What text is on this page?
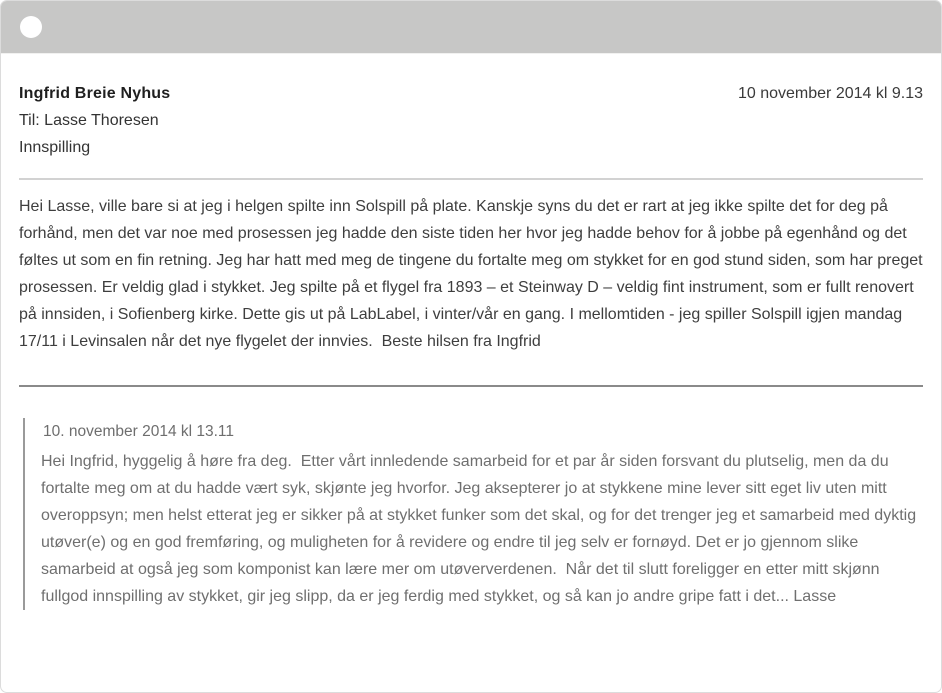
Ingfrid Breie Nyhus	10 november 2014 kl 9.13
Til: Lasse Thoresen
Innspilling

Hei Lasse, ville bare si at jeg i helgen spilte inn Solspill på plate. Kanskje syns du det er rart at jeg ikke spilte det for deg på forhånd, men det var noe med prosessen jeg hadde den siste tiden her hvor jeg hadde behov for å jobbe på egenhånd og det føltes ut som en fin retning. Jeg har hatt med meg de tingene du fortalte meg om stykket for en god stund siden, som har preget prosessen. Er veldig glad i stykket. Jeg spilte på et flygel fra 1893 – et Steinway D – veldig fint instrument, som er fullt renovert på innsiden, i Sofienberg kirke. Dette gis ut på LabLabel, i vinter/vår en gang. I mellomtiden - jeg spiller Solspill igjen mandag 17/11 i Levinsalen når det nye flygelet der innvies.  Beste hilsen fra Ingfrid

10. november 2014 kl 13.11

Hei Ingfrid, hyggelig å høre fra deg.  Etter vårt innledende samarbeid for et par år siden forsvant du plutselig, men da du fortalte meg om at du hadde vært syk, skjønte jeg hvorfor. Jeg aksepterer jo at stykkene mine lever sitt eget liv uten mitt overoppsyn; men helst etterat jeg er sikker på at stykket funker som det skal, og for det trenger jeg et samarbeid med dyktig utøver(e) og en god fremføring, og muligheten for å revidere og endre til jeg selv er fornøyd. Det er jo gjennom slike samarbeid at også jeg som komponist kan lære mer om utøververdenen.  Når det til slutt foreligger en etter mitt skjønn fullgod innspilling av stykket, gir jeg slipp, da er jeg ferdig med stykket, og så kan jo andre gripe fatt i det... Lasse
